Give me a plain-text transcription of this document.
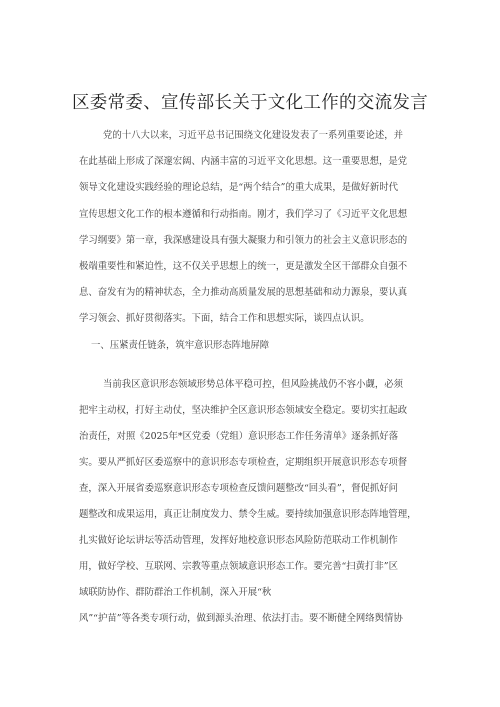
区委常委、宣传部长关于文化工作的交流发言
党的十八大以来，习近平总书记围绕文化建设发表了一系列重要论述，并
在此基础上形成了深邃宏阔、内涵丰富的习近平文化思想。这一重要思想，是党
领导文化建设实践经验的理论总结，是“两个结合”的重大成果，是做好新时代
宣传思想文化工作的根本遵循和行动指南。刚才，我们学习了《习近平文化思想
学习纲要》第一章，我深感建设具有强大凝聚力和引领力的社会主义意识形态的
极端重要性和紧迫性，这不仅关乎思想上的统一，更是激发全区干部群众自强不
息、奋发有为的精神状态，全力推动高质量发展的思想基础和动力源泉，要认真
学习领会、抓好贯彻落实。下面，结合工作和思想实际，谈四点认识。
一、压紧责任链条，筑牢意识形态阵地屏障
当前我区意识形态领域形势总体平稳可控，但风险挑战仍不容小觑，必须
把牢主动权，打好主动仗，坚决维护全区意识形态领域安全稳定。要切实扛起政
治责任，对照《2025年*区党委（党组）意识形态工作任务清单》逐条抓好落
实。要从严抓好区委巡察中的意识形态专项检查，定期组织开展意识形态专项督
查，深入开展省委巡察意识形态专项检查反馈问题整改“回头看”，督促抓好问
题整改和成果运用，真正让制度发力、禁令生威。要持续加强意识形态阵地管理，
扎实做好论坛讲坛等活动管理，发挥好地校意识形态风险防范联动工作机制作
用，做好学校、互联网、宗教等重点领域意识形态工作。要完善“扫黄打非”区
域联防协作、群防群治工作机制，深入开展“秋
风”“护苗”等各类专项行动，做到源头治理、依法打击。要不断健全网络舆情协
